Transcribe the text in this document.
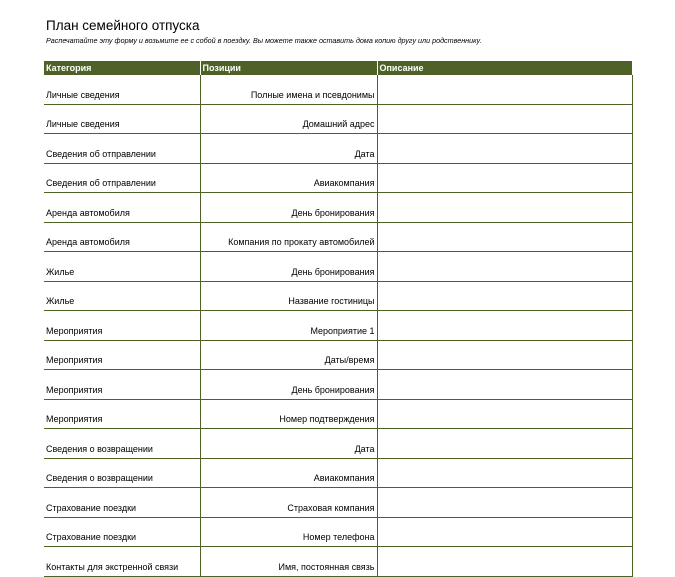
План семейного отпуска
Распечатайте эту форму и возьмите ее с собой в поездку. Вы можете также оставить дома копию другу или родственнику.
Категория	Позиции	Описание
Личные сведения	Полные имена и псевдонимы	
Личные сведения	Домашний адрес	
Сведения об отправлении	Дата	
Сведения об отправлении	Авиакомпания	
Аренда автомобиля	День бронирования	
Аренда автомобиля	Компания по прокату автомобилей	
Жилье	День бронирования	
Жилье	Название гостиницы	
Мероприятия	Мероприятие 1	
Мероприятия	Даты/время	
Мероприятия	День бронирования	
Мероприятия	Номер подтверждения	
Сведения о возвращении	Дата	
Сведения о возвращении	Авиакомпания	
Страхование поездки	Страховая компания	
Страхование поездки	Номер телефона	
Контакты для экстренной связи	Имя, постоянная связь	
